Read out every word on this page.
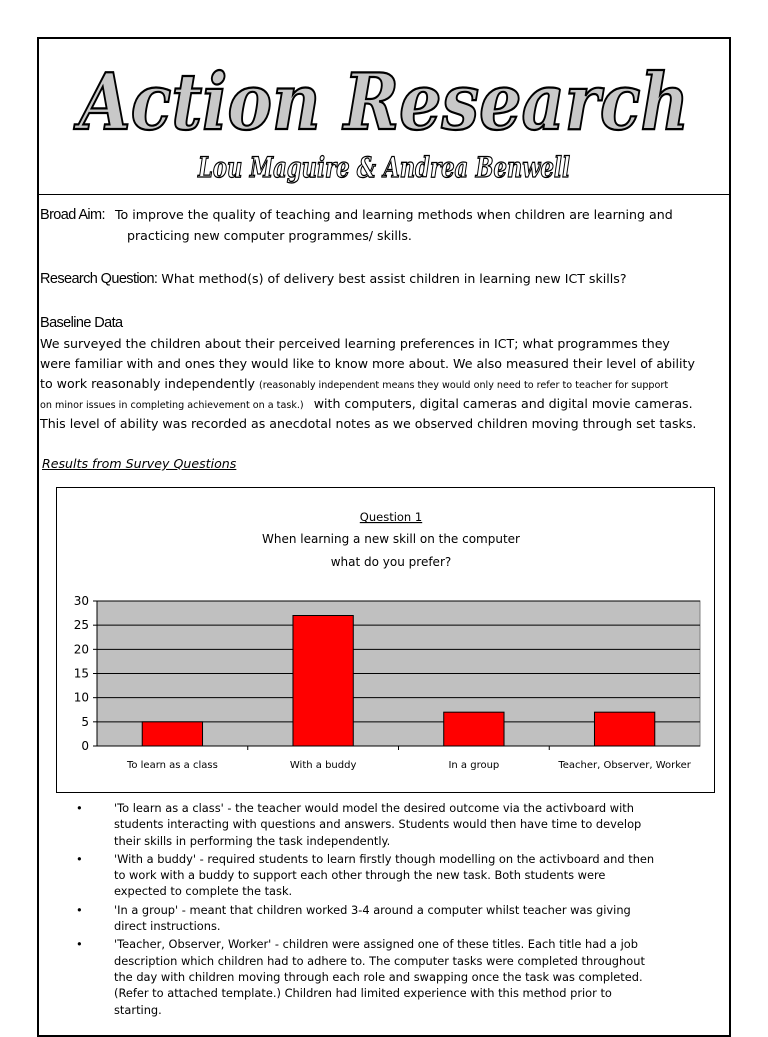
Action Research
Lou Maguire & Andrea Benwell

Broad Aim: To improve the quality of teaching and learning methods when children are learning and

practicing new computer programmes/ skills.

Research Question: What method(s) of delivery best assist children in learning new ICT skills?

Baseline Data

We surveyed the children about their perceived learning preferences in ICT; what programmes they

were familiar with and ones they would like to know more about. We also measured their level of ability

to work reasonably independently (reasonably independent means they would only need to refer to teacher for support

on minor issues in completing achievement on a task.) with computers, digital cameras and digital movie cameras.

This level of ability was recorded as anecdotal notes as we observed children moving through set tasks.

Results from Survey Questions
Question 1
When learning a new skill on the computer
what do you prefer?
0
5
10
15
20
25
30
To learn as a class	With a buddy	In a group	Teacher, Observer, Worker
•	'To learn as a class' - the teacher would model the desired outcome via the activboard with
students interacting with questions and answers. Students would then have time to develop
their skills in performing the task independently.
•	'With a buddy' - required students to learn firstly though modelling on the activboard and then
to work with a buddy to support each other through the new task. Both students were
expected to complete the task.
•	'In a group' - meant that children worked 3-4 around a computer whilst teacher was giving
direct instructions.
•	'Teacher, Observer, Worker' - children were assigned one of these titles. Each title had a job
description which children had to adhere to. The computer tasks were completed throughout
the day with children moving through each role and swapping once the task was completed.
(Refer to attached template.) Children had limited experience with this method prior to
starting.
